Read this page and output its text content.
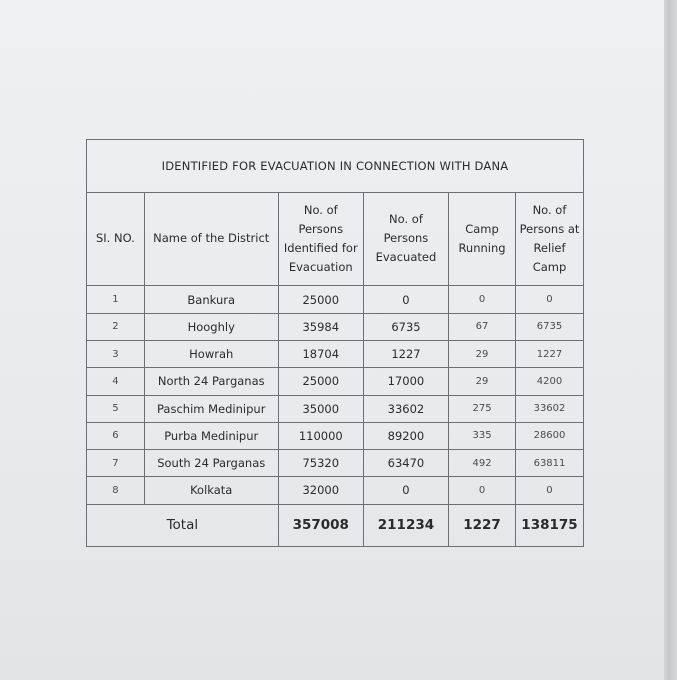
IDENTIFIED FOR EVACUATION IN CONNECTION WITH DANA					
SI. NO.	Name of the District	No. of Persons Identified for Evacuation	No. of Persons Evacuated	Camp Running	No. of Persons at Relief Camp
1	Bankura	25000	0	0	0
2	Hooghly	35984	6735	67	6735
3	Howrah	18704	1227	29	1227
4	North 24 Parganas	25000	17000	29	4200
5	Paschim Medinipur	35000	33602	275	33602
6	Purba Medinipur	110000	89200	335	28600
7	South 24 Parganas	75320	63470	492	63811
8	Kolkata	32000	0	0	0
Total		357008	211234	1227	138175
